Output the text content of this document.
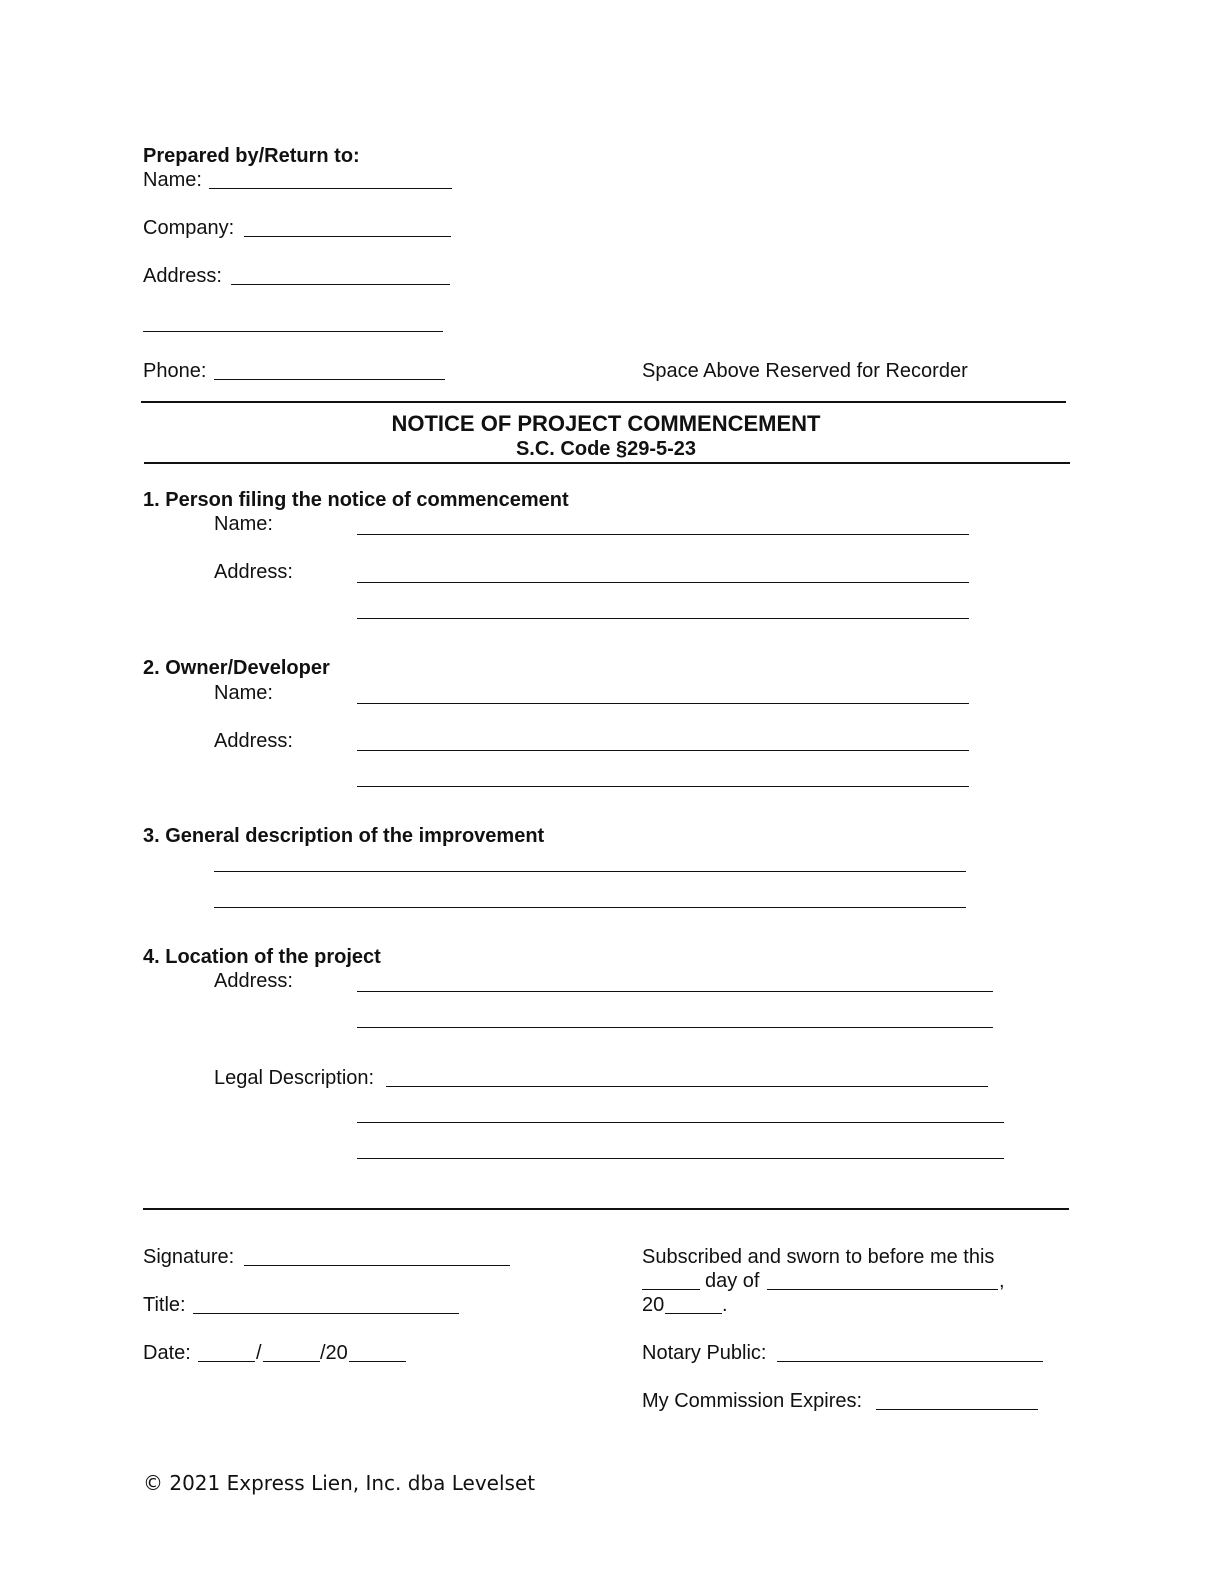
Prepared by/Return to:
Name:
Company:
Address:
Phone:	Space Above Reserved for Recorder
NOTICE OF PROJECT COMMENCEMENT
S.C. Code §29-5-23
1. Person filing the notice of commencement
Name:
Address:
2. Owner/Developer
Name:
Address:
3. General description of the improvement
4. Location of the project
Address:
Legal Description:
Signature:
Title:
Date:	/	/20
Subscribed and sworn to before me this
day of	,
20	.
Notary Public:
My Commission Expires:
© 2021 Express Lien, Inc. dba Levelset
